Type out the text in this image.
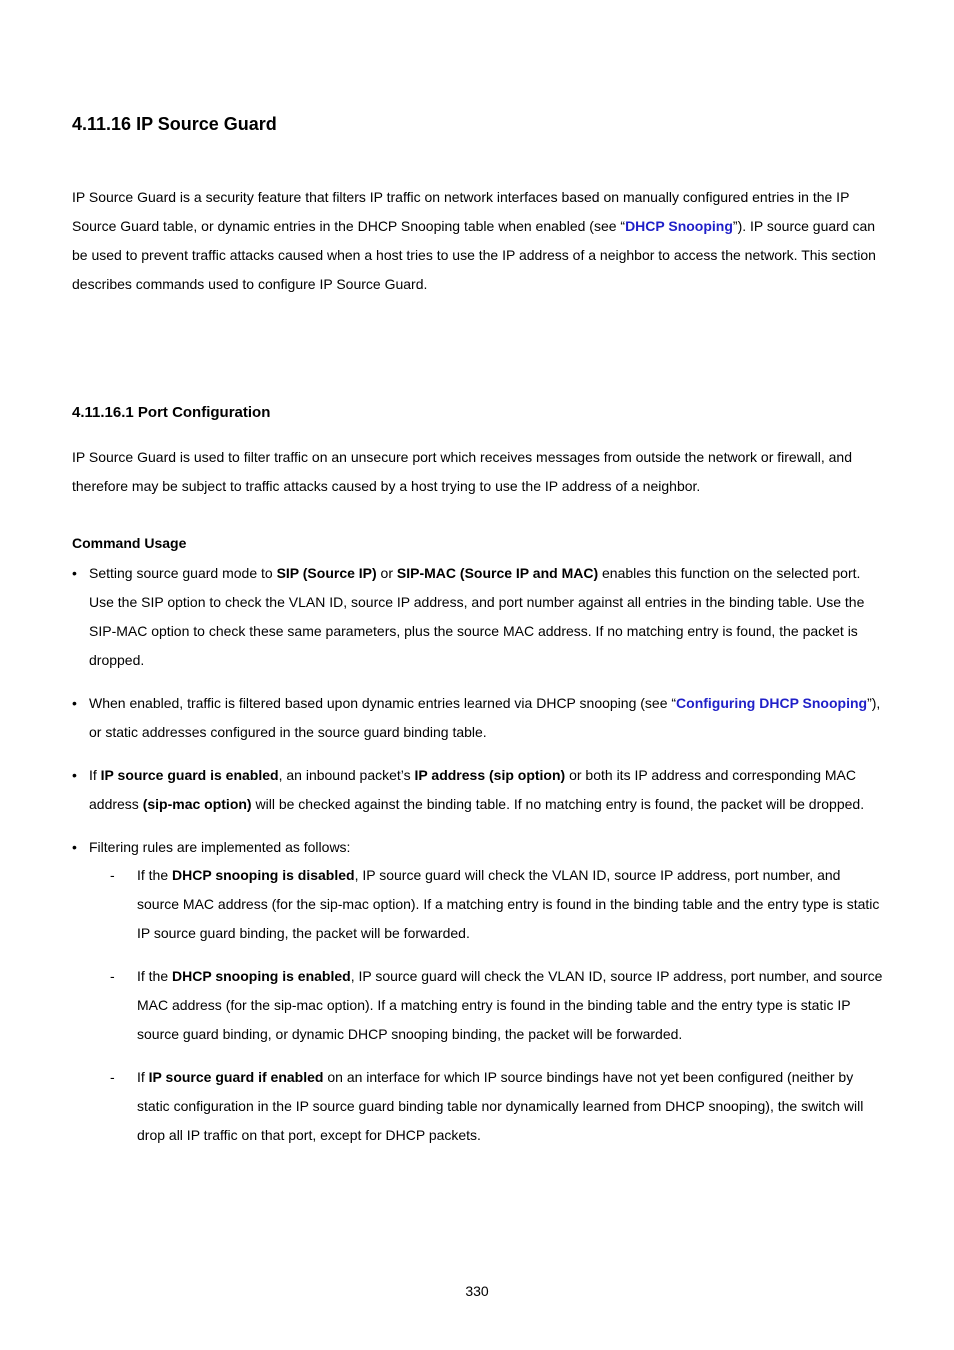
4.11.16 IP Source Guard

IP Source Guard is a security feature that filters IP traffic on network interfaces based on manually configured entries in the IP Source Guard table, or dynamic entries in the DHCP Snooping table when enabled (see “DHCP Snooping”). IP source guard can be used to prevent traffic attacks caused when a host tries to use the IP address of a neighbor to access the network. This section describes commands used to configure IP Source Guard.

4.11.16.1 Port Configuration

IP Source Guard is used to filter traffic on an unsecure port which receives messages from outside the network or firewall, and therefore may be subject to traffic attacks caused by a host trying to use the IP address of a neighbor.

Command Usage
• Setting source guard mode to SIP (Source IP) or SIP-MAC (Source IP and MAC) enables this function on the selected port. Use the SIP option to check the VLAN ID, source IP address, and port number against all entries in the binding table. Use the SIP-MAC option to check these same parameters, plus the source MAC address. If no matching entry is found, the packet is dropped.
• When enabled, traffic is filtered based upon dynamic entries learned via DHCP snooping (see “Configuring DHCP Snooping”), or static addresses configured in the source guard binding table.
• If IP source guard is enabled, an inbound packet’s IP address (sip option) or both its IP address and corresponding MAC address (sip-mac option) will be checked against the binding table. If no matching entry is found, the packet will be dropped.
• Filtering rules are implemented as follows:
- If the DHCP snooping is disabled, IP source guard will check the VLAN ID, source IP address, port number, and source MAC address (for the sip-mac option). If a matching entry is found in the binding table and the entry type is static IP source guard binding, the packet will be forwarded.
- If the DHCP snooping is enabled, IP source guard will check the VLAN ID, source IP address, port number, and source MAC address (for the sip-mac option). If a matching entry is found in the binding table and the entry type is static IP source guard binding, or dynamic DHCP snooping binding, the packet will be forwarded.
- If IP source guard if enabled on an interface for which IP source bindings have not yet been configured (neither by static configuration in the IP source guard binding table nor dynamically learned from DHCP snooping), the switch will drop all IP traffic on that port, except for DHCP packets.
330
